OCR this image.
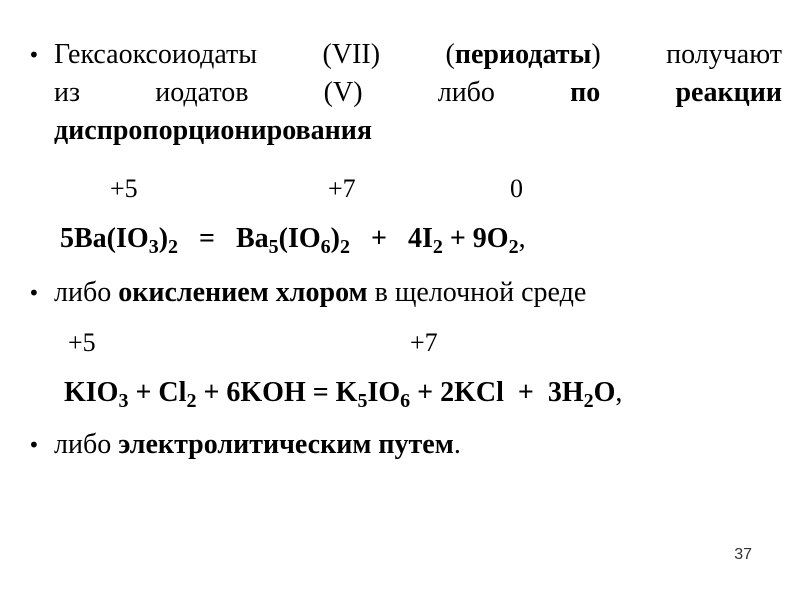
• Гексаоксоиодаты (VII) (периодаты) получают
из иодатов (V) либо по реакции
диспропорционирования
+5	+7	0
$5Ba(IO_3)_2 = Ba_5(IO_6)_2 + 4I_2 + 9O_2$,
• либо окислением хлором в щелочной среде
+5	+7
$KIO_3 + Cl_2 + 6KOH = K_5IO_6 + 2KCl + 3H_2O$,
• либо электролитическим путем.
37
